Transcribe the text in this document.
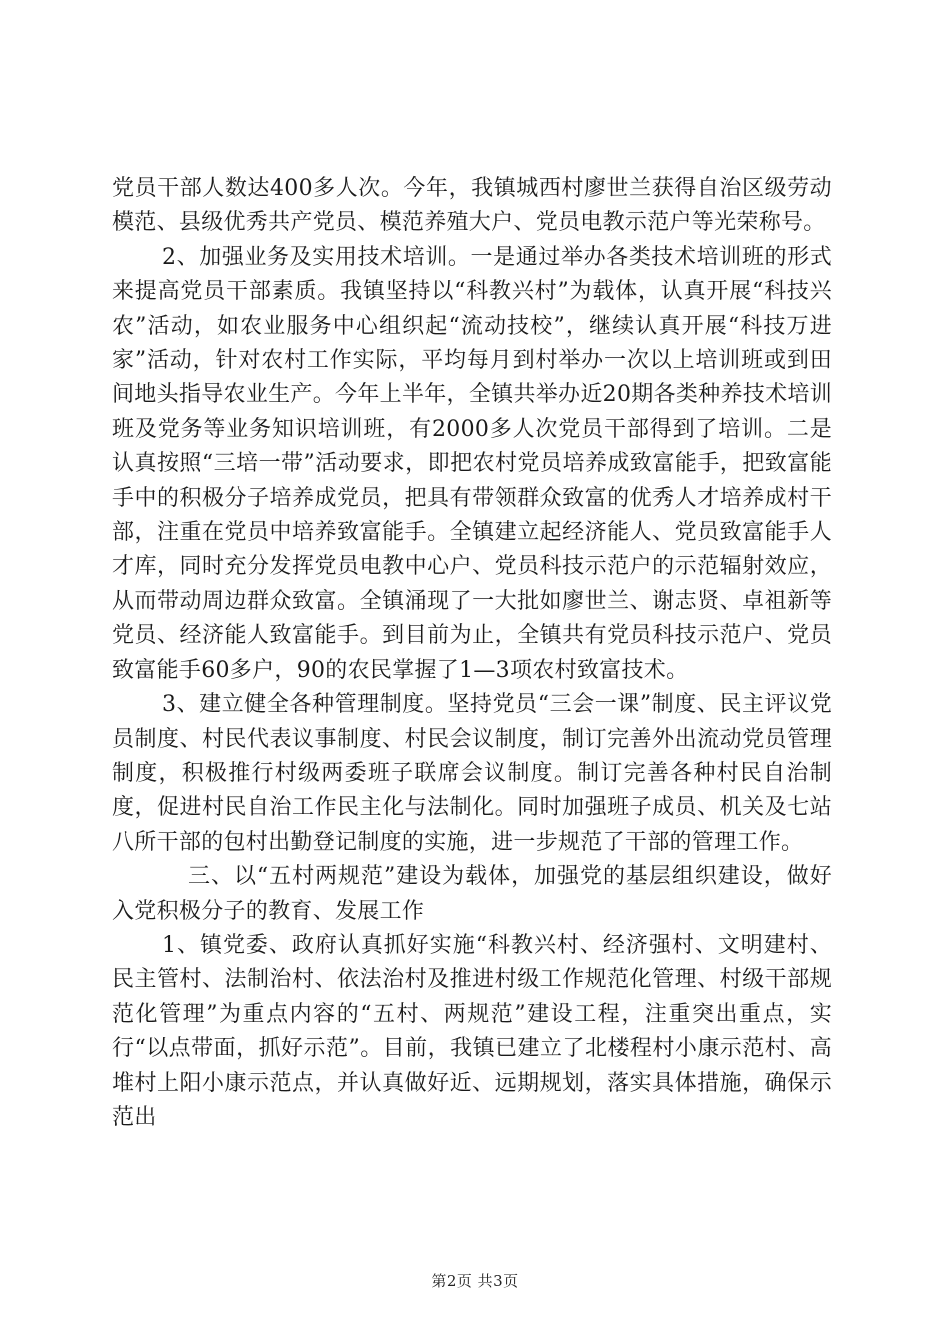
党员干部人数达400多人次。今年，我镇城西村廖世兰获得自治区级劳动模范、县级优秀共产党员、模范养殖大户、党员电教示范户等光荣称号。

2、加强业务及实用技术培训。一是通过举办各类技术培训班的形式来提高党员干部素质。我镇坚持以“科教兴村”为载体，认真开展“科技兴农”活动，如农业服务中心组织起“流动技校”，继续认真开展“科技万进家”活动，针对农村工作实际，平均每月到村举办一次以上培训班或到田间地头指导农业生产。今年上半年，全镇共举办近20期各类种养技术培训班及党务等业务知识培训班，有2000多人次党员干部得到了培训。二是认真按照“三培一带”活动要求，即把农村党员培养成致富能手，把致富能手中的积极分子培养成党员，把具有带领群众致富的优秀人才培养成村干部，注重在党员中培养致富能手。全镇建立起经济能人、党员致富能手人才库，同时充分发挥党员电教中心户、党员科技示范户的示范辐射效应，从而带动周边群众致富。全镇涌现了一大批如廖世兰、谢志贤、卓祖新等党员、经济能人致富能手。到目前为止，全镇共有党员科技示范户、党员致富能手60多户，90的农民掌握了1—3项农村致富技术。

3、建立健全各种管理制度。坚持党员“三会一课”制度、民主评议党员制度、村民代表议事制度、村民会议制度，制订完善外出流动党员管理制度，积极推行村级两委班子联席会议制度。制订完善各种村民自治制度，促进村民自治工作民主化与法制化。同时加强班子成员、机关及七站八所干部的包村出勤登记制度的实施，进一步规范了干部的管理工作。

三、以“五村两规范”建设为载体，加强党的基层组织建设，做好入党积极分子的教育、发展工作

1、镇党委、政府认真抓好实施“科教兴村、经济强村、文明建村、民主管村、法制治村、依法治村及推进村级工作规范化管理、村级干部规范化管理”为重点内容的“五村、两规范”建设工程，注重突出重点，实行“以点带面，抓好示范”。目前，我镇已建立了北楼程村小康示范村、高堆村上阳小康示范点，并认真做好近、远期规划，落实具体措施，确保示范出

第2页 共3页
